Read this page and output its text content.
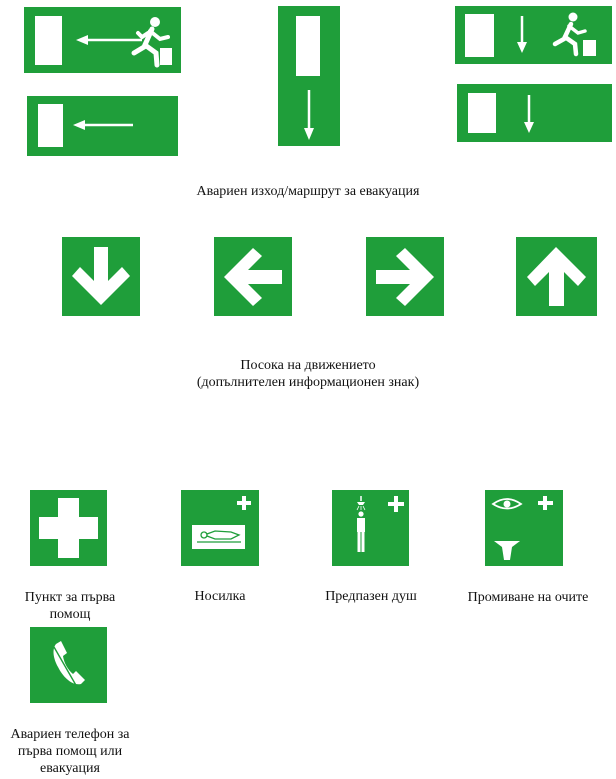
Авариен изход/маршрут за евакуация
Посока на движението
(допълнителен информационен знак)
Пункт за първа
помощ
Носилка	Предпазен душ	Промиване на очите
Авариен телефон за
първа помощ или
евакуация
